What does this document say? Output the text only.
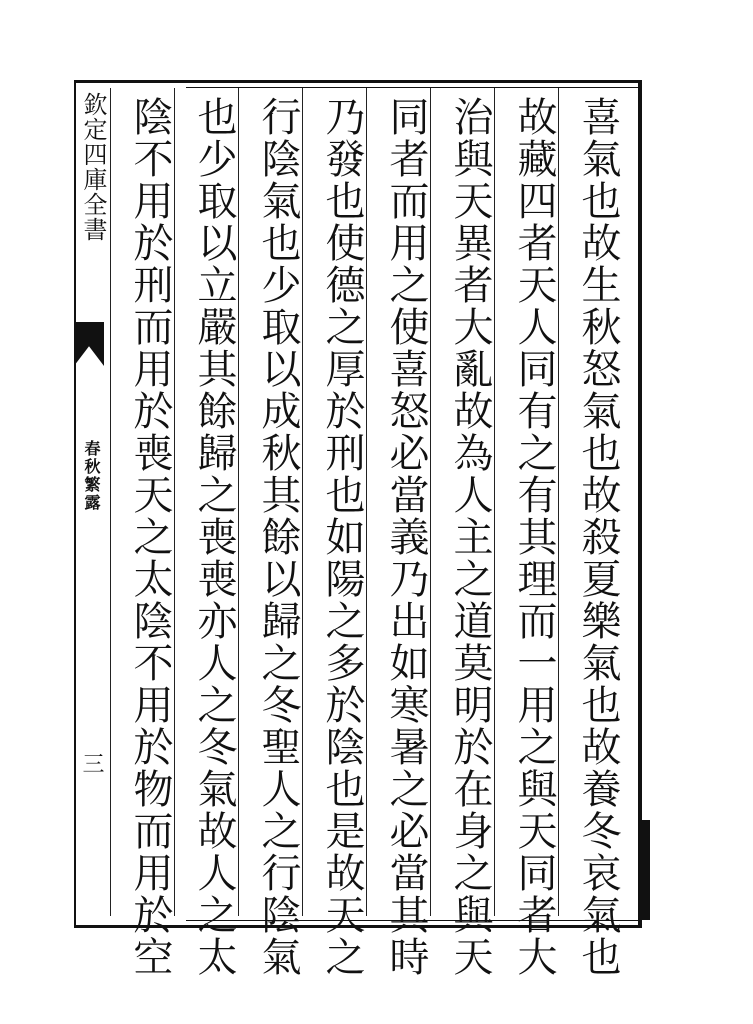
欽定四庫全書
春秋繁露
三	喜氣也故生秋怒氣也故殺夏樂氣也故養冬哀氣也
故藏四者天人同有之有其理而一用之與天同者大
治與天異者大亂故為人主之道莫明於在身之與天
同者而用之使喜怒必當義乃出如寒暑之必當其時
乃發也使德之厚於刑也如陽之多於陰也是故天之
行陰氣也少取以成秋其餘以歸之冬聖人之行陰氣
也少取以立嚴其餘歸之喪喪亦人之冬氣故人之太
陰不用於刑而用於喪天之太陰不用於物而用於空
